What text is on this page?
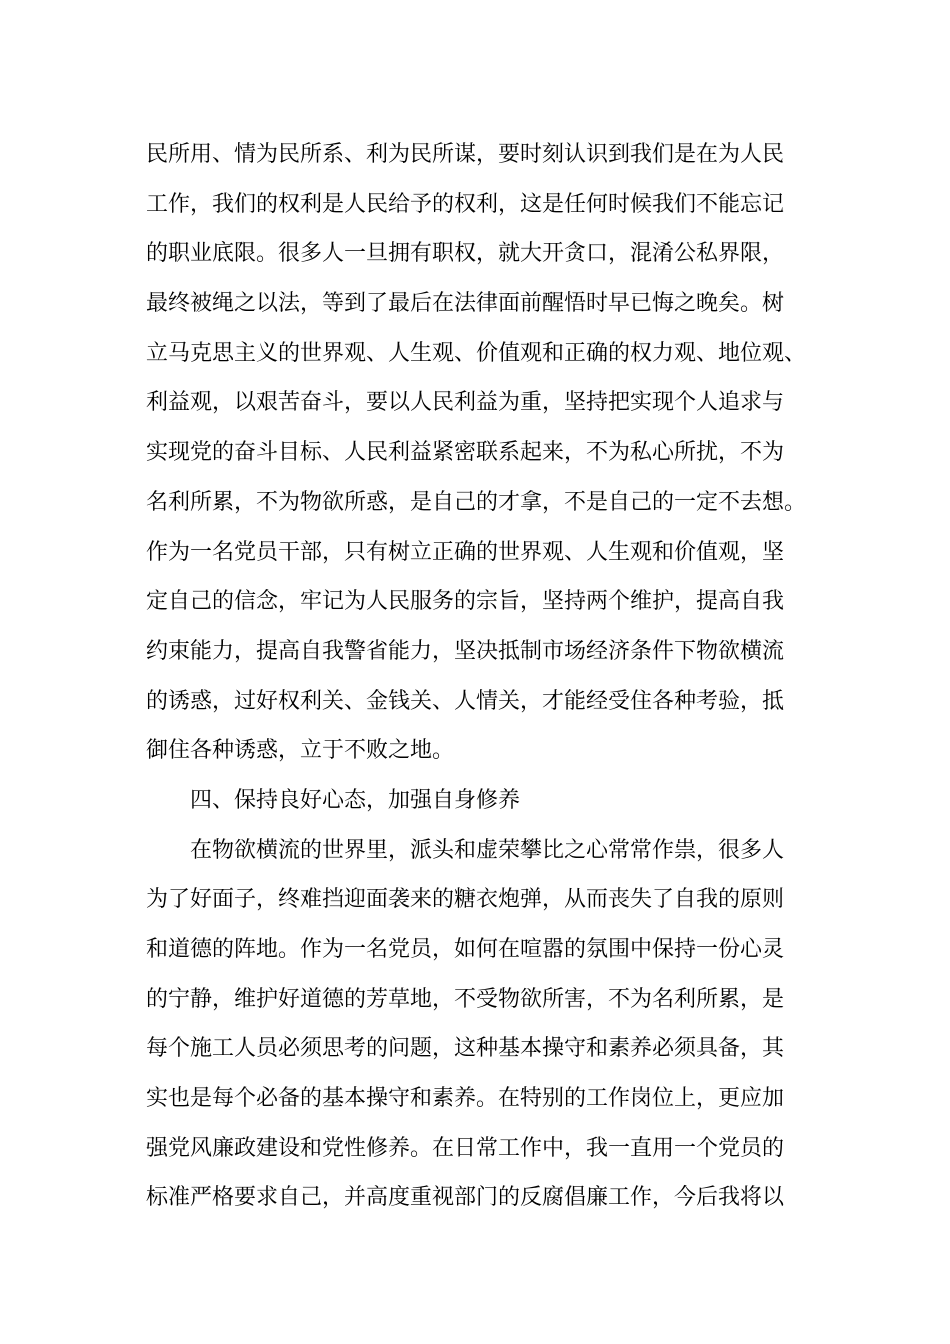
民所用、情为民所系、利为民所谋，要时刻认识到我们是在为人民
工作，我们的权利是人民给予的权利，这是任何时候我们不能忘记
的职业底限。很多人一旦拥有职权，就大开贪口，混淆公私界限，
最终被绳之以法，等到了最后在法律面前醒悟时早已悔之晚矣。树
立马克思主义的世界观、人生观、价值观和正确的权力观、地位观、
利益观，以艰苦奋斗，要以人民利益为重，坚持把实现个人追求与
实现党的奋斗目标、人民利益紧密联系起来，不为私心所扰，不为
名利所累，不为物欲所惑，是自己的才拿，不是自己的一定不去想。
作为一名党员干部，只有树立正确的世界观、人生观和价值观，坚
定自己的信念，牢记为人民服务的宗旨，坚持两个维护，提高自我
约束能力，提高自我警省能力，坚决抵制市场经济条件下物欲横流
的诱惑，过好权利关、金钱关、人情关，才能经受住各种考验，抵
御住各种诱惑，立于不败之地。
四、保持良好心态，加强自身修养
在物欲横流的世界里，派头和虚荣攀比之心常常作祟，很多人
为了好面子，终难挡迎面袭来的糖衣炮弹，从而丧失了自我的原则
和道德的阵地。作为一名党员，如何在喧嚣的氛围中保持一份心灵
的宁静，维护好道德的芳草地，不受物欲所害，不为名利所累，是
每个施工人员必须思考的问题，这种基本操守和素养必须具备，其
实也是每个必备的基本操守和素养。在特别的工作岗位上，更应加
强党风廉政建设和党性修养。在日常工作中，我一直用一个党员的
标准严格要求自己，并高度重视部门的反腐倡廉工作，今后我将以
